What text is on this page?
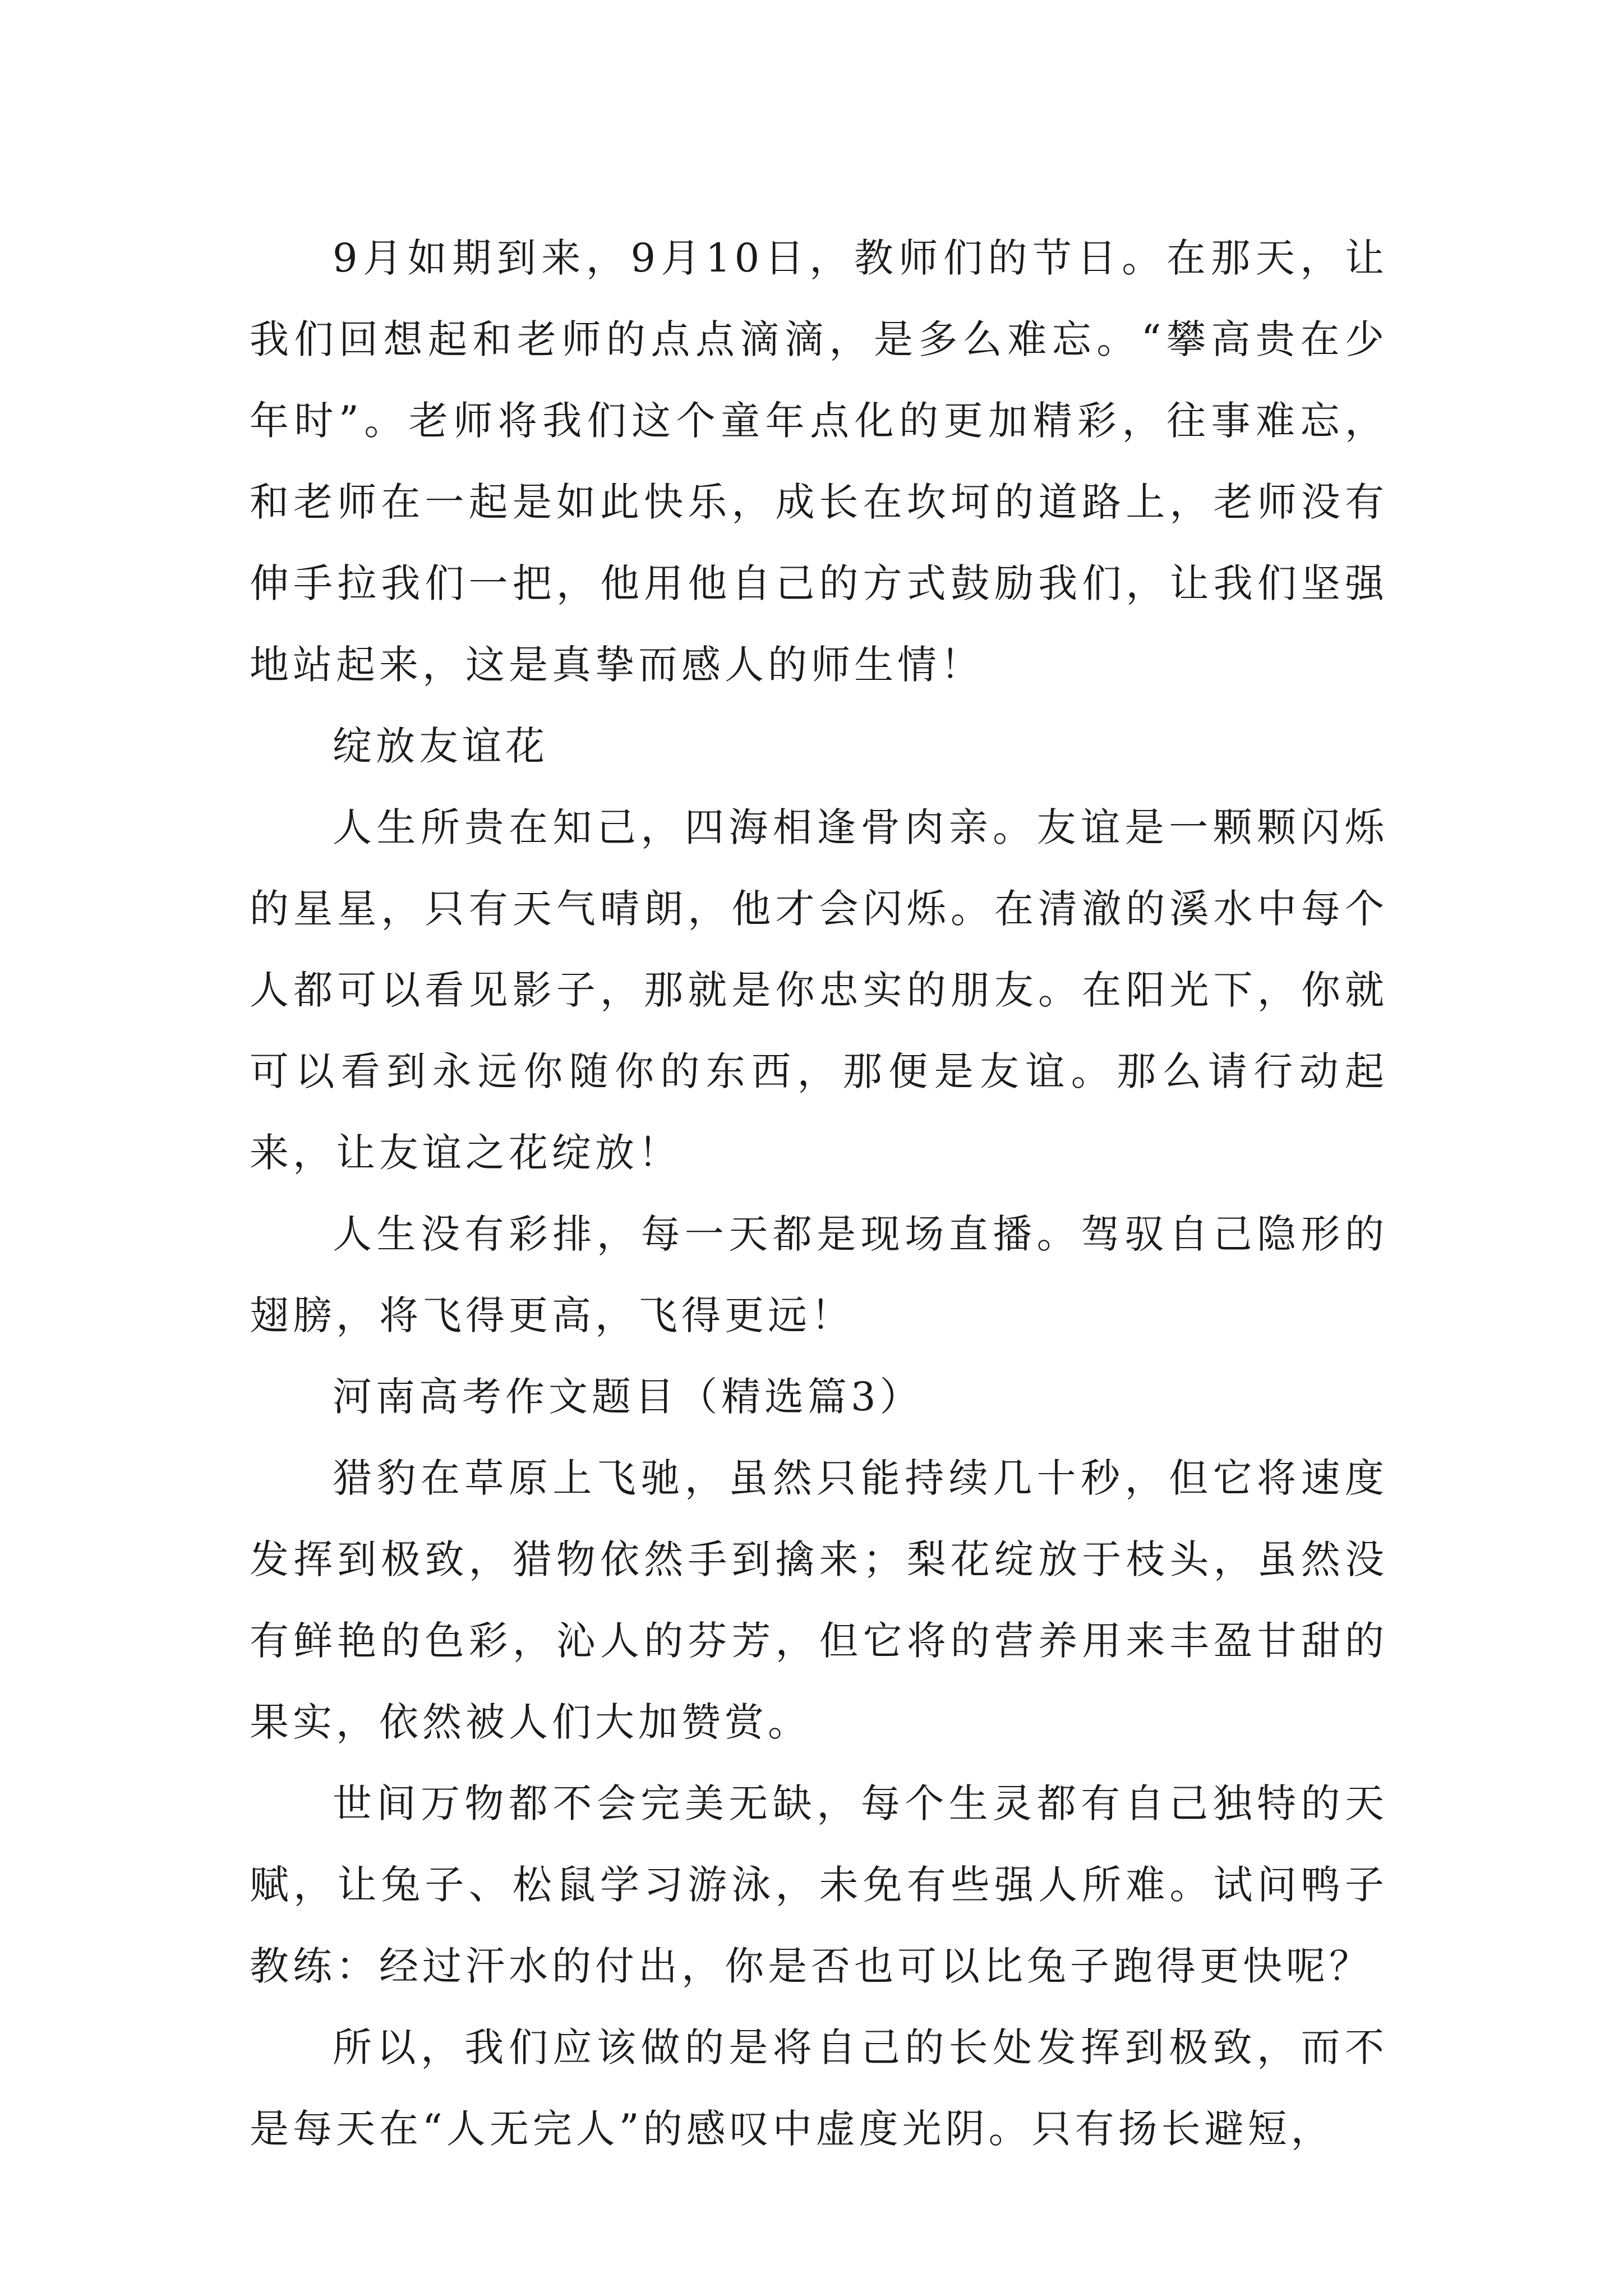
9月如期到来，9月10日，教师们的节日。在那天，让我们回想起和老师的点点滴滴，是多么难忘。“攀高贵在少年时”。老师将我们这个童年点化的更加精彩，往事难忘，和老师在一起是如此快乐，成长在坎坷的道路上，老师没有伸手拉我们一把，他用他自己的方式鼓励我们，让我们坚强地站起来，这是真挚而感人的师生情！

绽放友谊花

人生所贵在知己，四海相逢骨肉亲。友谊是一颗颗闪烁的星星，只有天气晴朗，他才会闪烁。在清澈的溪水中每个人都可以看见影子，那就是你忠实的朋友。在阳光下，你就可以看到永远你随你的东西，那便是友谊。那么请行动起来，让友谊之花绽放！

人生没有彩排，每一天都是现场直播。驾驭自己隐形的翅膀，将飞得更高，飞得更远！

河南高考作文题目（精选篇3）

猎豹在草原上飞驰，虽然只能持续几十秒，但它将速度发挥到极致，猎物依然手到擒来；梨花绽放于枝头，虽然没有鲜艳的色彩，沁人的芬芳，但它将的营养用来丰盈甘甜的果实，依然被人们大加赞赏。

世间万物都不会完美无缺，每个生灵都有自己独特的天赋，让兔子、松鼠学习游泳，未免有些强人所难。试问鸭子教练：经过汗水的付出，你是否也可以比兔子跑得更快呢？

所以，我们应该做的是将自己的长处发挥到极致，而不是每天在“人无完人”的感叹中虚度光阴。只有扬长避短，
